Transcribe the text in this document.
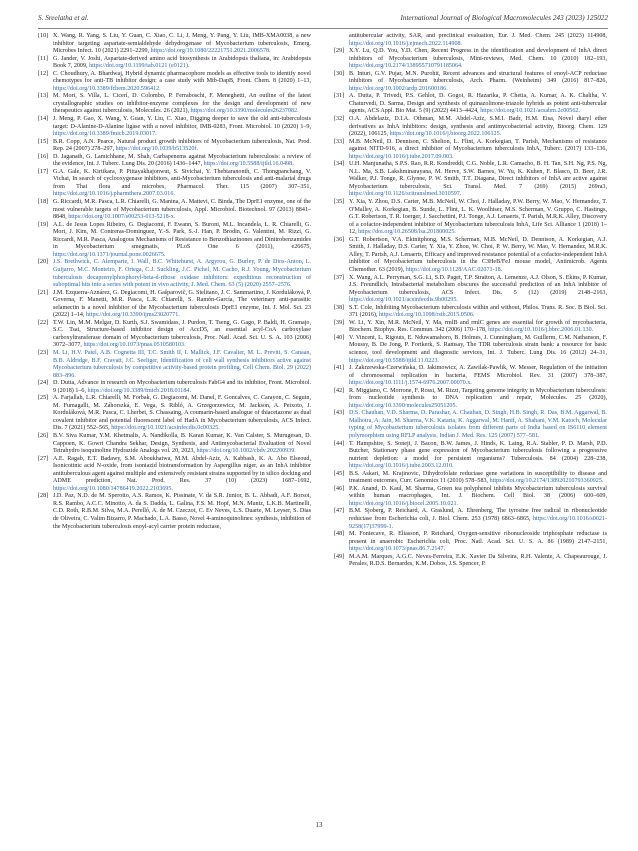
S. Sreelatha et al.	International Journal of Biological Macromolecules 243 (2023) 125022
[10] X. Wang, R. Yang, S. Liu, Y. Guan, C. Xiao, C. Li, J. Meng, Y. Pang, Y. Liu, IMB-XMA0038, a new inhibitor targeting aspartate-semialdehyde dehydrogenase of Mycobacterium tuberculosis, Emerg. Microbes Infect. 10 (2021) 2291–2299, https://doi.org/10.1080/22221751.2021.2006578.
[11] G. Jander, V. Joshi, Aspartate-derived amino acid biosynthesis in Arabidopsis thaliana, in: Arabidopsis Book 7, 2009, https://doi.org/10.1199/tab.0121 (e0121).
[12] C. Choudhury, A. Bhardwaj, Hybrid dynamic pharmacophore models as effective tools to identify novel chemotypes for anti-TB inhibitor design: a case study with Mtb-DapB, Front. Chem. 8 (2020) 1–13, https://doi.org/10.3389/fchem.2020.596412.
[13] M. Mori, S. Villa, L. Cicerí, D. Colombo, P. Ferraboschi, F. Meneghetti, An outline of the latest crystallographic studies on inhibitor-enzyme complexes for the design and development of new therapeutics against tuberculosis, Molecules. 26 (2021), https://doi.org/10.3390/molecules26237082.
[14] J. Meng, P. Gao, X. Wang, Y. Guan, Y. Liu, C. Xiao, Digging deeper to save the old anti-tuberculosis target: D-Alanine-D-Alanine ligase with a novel inhibitor, IMB-0283, Front. Microbiol. 10 (2020) 1–9, https://doi.org/10.3389/fmicb.2019.03017.
[15] B.R. Copp, A.N. Pearce, Natural product growth inhibitors of Mycobacterium tuberculosis, Nat. Prod. Rep. 24 (2007) 278–297, https://doi.org/10.1039/b513520f.
[16] D. Jaganath, G. Lamichhane, M. Shah, Carbapenems against Mycobacterium tuberculosis: a review of the evidence, Int. J. Tuberc. Lung Dis. 20 (2016) 1436–1447, https://doi.org/10.5588/ijtld.16.0498.
[17] G.A. Gale, K. Kirtikara, P. Pittayakhajonwut, S. Sivichai, Y. Thebtaranonth, C. Thongpanchang, V. Vichai, In search of cyclooxygenase inhibitors, anti-Mycobacterium tuberculosis and anti-malarial drugs from Thai flora and microbes, Pharmacol. Ther. 115 (2007) 307–351, https://doi.org/10.1016/j.pharmthera.2007.03.016.
[18] G. Riccardi, M.R. Pasca, L.R. Chiarelli, G. Manina, A. Mattevi, C. Binda, The DprE1 enzyme, one of the most vulnerable targets of Mycobacterium tuberculosis, Appl. Microbiol. Biotechnol. 97 (2013) 8841–8848, https://doi.org/10.1007/s00253-013-5218-x.
[19] A.L. de Jesus Lopes Ribeiro, G. Degiacomi, F. Ewann, S. Buroni, M.L. Incandela, L. R. Chiarelli, G. Mori, J. Kim, M. Contreras-Dominguez, Y.-S. Park, S.-J. Han, P. Brodin, G. Valentini, M. Rizzi, G. Riccardi, M.R. Pasca, Analogous Mechanisms of Resistance to Benzothiazinones and Dinitrobenzamides in Mycobacterium smegmatis, PLoS One 6 (2011), e26675, https://doi.org/10.1371/journal.pone.0026675.
[20] J.S. Brethwick, C. Alemparte, I. Wall, B.C. Whitehurst, A. Argyrou, G. Burley, P. de Dios-Anton, L. Guijarro, M.C. Monteiro, F. Ortega, C.J. Suckling, J.C. Pichel, M. Cacho, R.J. Young, Mycobacterium tuberculosis decaprenylphosphoryl-beta-d-ribose oxidase inhibitors: expeditious reconstruction of suboptimal hits into a series with potent in vivo activity, J. Med. Chem. 63 (5) (2020) 2557–2576.
[21] J.M. Ezquerra-Aznárez, G. Degiacomi, H. Gašparovič, G. Stelitano, J. C. Sammartino, J. Korduláková, P. Governa, F. Manetti, M.R. Pasca, L.R. Chiarelli, S. Ramón-García, The veterinary anti-parasitic selamectin is a novel inhibitor of the Mycobacterium tuberculosis DprE1 enzyme, Int. J. Mol. Sci. 23 (2022) 1–14, https://doi.org/10.3390/ijms23020771.
[22] T.W. Lin, M.M. Melgar, D. Kurth, S.J. Swamidass, J. Purdon, T. Tseng, G. Gago, P. Baldi, H. Gramajo, S.C. Tsai, Structure-based inhibitor design of AccD5, an essential acyl-CoA carboxylase carboxyltransferase domain of Mycobacterium tuberculosis, Proc. Natl. Acad. Sci. U. S. A. 103 (2006) 3072–3077, https://doi.org/10.1073/pnas.0510580103.
[23] M. Li, H.V. Patel, A.B. Cognetta III, T.C. Smith II, I. Mallick, J.F. Cavalier, M. L. Previti, S. Canaan, B.B. Aldridge, B.F. Cravatt, J.C. Seeliger, Identification of cell wall synthesis inhibitors active against Mycobacterium tuberculosis by competitive activity-based protein profiling, Cell Chem. Biol. 29 (2022) 883–896.
[24] D. Dutta, Advance in research on Mycobacterium tuberculosis FabG4 and its inhibitor, Front. Microbiol. 9 (2018) 1–6, https://doi.org/10.3389/fmicb.2018.01184.
[25] A. Farjallah, L.R. Chiarelli, M. Forbak, G. Degiacomi, M. Danel, F. Goncalves, C. Carayon, C. Seguin, M. Fumagalli, M. Záhorszká, E. Vega, S. Ribló, A. Grzegorzewicz, M. Jackson, A. Peixoto, J. Korduláková, M.R. Pasca, C. Lherbet, S. Chassaing, A coumarin-based analogue of thiacetazone as dual covalent inhibitor and potential fluorescent label of HadA in Mycobacterium tuberculosis, ACS Infect. Dis. 7 (2021) 552–565, https://doi.org/10.1021/acsinfecdis.0c00325.
[26] B.V. Siva Kumar, Y.M. Khetmalis, A. Nandikolla, B. Karan Kumar, K. Van Calster, S. Murugesan, D. Cappoen, K. Gowri Chandra Sekhar, Design, Synthesis, and Antimycobacterial Evaluation of Novel Tetrahydro isoquinoline Hydrazide Analogs vol. 20, 2023, https://doi.org/10.1002/cbdv.202200939.
[27] A.E. Ragab, E.T. Badawy, S.M. Aboukhatwa, M.M. Abdel-Aziz, A. Kabbash, K. A. Abo Elseoud, Isonicotinic acid N-oxide, from isoniazid biotransformation by Aspergillus niger, as an InhA inhibitor antituberculous agent against multiple and extensively resistant strains supported by in silico docking and ADME prediction, Nat. Prod. Res. 37 (10) (2023) 1687–1692, https://doi.org/10.1080/14786419.2022.2103695.
[28] J.D. Paz, N.D. de M. Sperotto, A.S. Ramos, K. Pissinate, V. da S.R. Junior, B. L. Abbadi, A.F. Borsoi, R.S. Rambo, A.C.C. Minotto, A. da S. Dadda, L. Galina, F.S. M. Hopf, M.N. Muniz, L.K.B. Martinelli, C.D. Roth, R.B.M. Silva, M.A. Perelló, A. de M. Czeczot, C. Ev Neves, L.S. Duarte, M. Leyser, S. Dias de Oliveira, C. Valim Bizarro, P. Machado, L.A. Basso, Novel 4-aminoquinolines: synthesis, inhibition of the Mycobacterium tuberculosis enoyl-acyl carrier protein reductase,
antitubercular activity, SAR, and preclinical evaluation, Eur. J. Med. Chem. 245 (2023) 114908, https://doi.org/10.1016/j.ejmech.2022.114908.
[29] X.Y. Lu, Q.D. You, Y.D. Chen, Recent Progress in the identification and development of InhA direct inhibitors of Mycobacterium tuberculosis, Mini-reviews, Med. Chem. 10 (2010) 182–193, https://doi.org/10.2174/138955710791185064.
[30] B. Inturi, G.V. Pujar, M.N. Purohit, Recent advances and structural features of enoyl-ACP reductase inhibitors of Mycobacterium tuberculosis, Arch. Pharm. (Weinheim) 349 (2016) 817–826, https://doi.org/10.1002/ardp.201600186.
[31] A. Dutta, P. Trivedi, P.S. Gehlot, D. Gogoi, R. Hazarika, P. Chetia, A. Kumar, A. K. Chaliha, V. Chaturvedi, D. Sarma, Design and synthesis of quinazolinone-triazole hybrids as potent anti-tubercular agents, ACS Appl. Bio Mat. 5 (9) (2022) 4413–4424, https://doi.org/10.1021/acsabm.2c00562.
[32] O.A. Abdelaziz, D.I.A. Othman, M.M. Abdel-Aziz, S.M.I. Badr, H.M. Eisa, Novel diaryl ether derivatives as InhA inhibitors: design, synthesis and antimycobacterial activity, Bioorg. Chem. 129 (2022), 106125, https://doi.org/10.1016/j.bioorg.2022.106125.
[33] M.B. McNeil, D. Dennison, C. Shelton, L. Flint, A. Korkegian, T. Parish, Mechanisms of resistance against NITD-916, a direct inhibitor of Mycobacterium tuberculosis InhA, Tuberc. (2017) 133–136, https://doi.org/10.1016/j.tube.2017.09.003.
[34] U.H. Manjunatha, S.P.S. Rao, R.R. Kondreddi, C.G. Noble, L.R. Camacho, B. H. Tan, S.H. Ng, P.S. Ng, N.L. Ma, S.B. Lakshminarayana, M. Herve, S.W. Barnes, W. Yu, K. Kuhen, F. Blasco, D. Beer, J.R. Walker, P.J. Tonge, R. Glynne, P. W. Smith, T.T. Diagana, Direct inhibitors of InhA are active against Mycobacterium tuberculosis, Sci. Transl. Med. 7 (269) (2015) 269ra3, https://doi.org/10.1126/scitranslmed.3010597.
[35] Y. Xia, Y. Zhou, D.S. Carter, M.B. McNeil, W. Choi, J. Halladay, P.W. Berry, W. Mao, V. Hernandez, T. O'Malley, A. Korkegian, B. Sunde, L. Flint, L. K. Woolhiser, M.S. Scherman, V. Gruppo, C. Hastings, G.T. Robertson, T. R. Ioerger, J. Sacchettini, P.J. Tonge, A.J. Lenaerts, T. Parish, M.R.K. Alley, Discovery of a cofactor-independent inhibitor of Mycobacterium tuberculosis InhA, Life Sci. Alliance 1 (2018) 1–12, https://doi.org/10.26508/lsa.201800025.
[36] G.T. Robertson, V.A. Ektnitphong, M.S. Scherman, M.B. McNeil, D. Dennison, A. Korkegian, A.J. Smith, J. Halladay, D.S. Carter, Y. Xia, Y. Zhou, W. Choi, P. W. Berry, W. Mao, V. Hernandez, M.R.K. Alley, T. Parish, A.J. Lenaerts, Efficacy and improved resistance potential of a cofactor-independent InhA inhibitor of Mycobacterium tuberculosis in the C3HeB/FeJ mouse model, Antimicrob. Agents Chemother. 63 (2019), https://doi.org/10.1128/AAC.02071-18.
[37] X. Wang, A.L. Perryman, S.G. Li, S.D. Paget, T.P. Stratton, A. Lemenze, A.J. Olson, S. Ekins, P. Kumar, J.S. Freundlich, Intrabacterial metabolism obscures the successful prediction of an InhA inhibitor of Mycobacterium tuberculosis, ACS Infect. Dis. 5 (12) (2019) 2148–2163, https://doi.org/10.1021/acsinfecdis.9b00295.
[38] S.T. Cole, Inhibiting Mycobacterium tuberculosis within and without, Philos. Trans. R. Soc. B Biol. Sci. 371 (2016), https://doi.org/10.1098/rstb.2015.0506.
[39] W. Li, Y. Xin, M.R. McNeil, Y. Ma, rmlB and rmlC genes are essential for growth of mycobacteria, Biochem. Biophys. Res. Commun. 342 (2006) 170–178, https://doi.org/10.1016/j.bbrc.2006.01.130.
[40] V. Vincent, L. Rigouts, E. Nduwamahoro, B. Holmes, J. Cunningham, M. Guillerm, C.M. Nathanson, F. Moussy, B. De Jong, P. Fortkerk, S. Ramsay, The TDR tuberculosis strain bank: a resource for basic science, tool development and diagnostic services, Int. J. Tuberc. Lung Dis. 16 (2012) 24–31, https://doi.org/10.5588/ijtld.11.0223.
[41] J. Zakrzewska-Czerwińska, D. Jakimowicz, A. Zawilak-Pawlik, W. Messer, Regulation of the initiation of chromosomal replication in bacteria, FEMS Microbiol. Rev. 31 (2007) 378–387, https://doi.org/10.1111/j.1574-6976.2007.00070.x.
[42] R. Miggiano, C. Morrone, F. Rossi, M. Rizzi, Targeting genome integrity in Mycobacterium tuberculosis: from nucleotide synthesis to DNA replication and repair, Molecules. 25 (2020), https://doi.org/10.3390/molecules25051205.
[43] D.S. Chauhan, V.D. Sharma, D. Parashar, A. Chauhan, D. Singh, H.B. Singh, R. Das, B.M. Aggarwal, B. Malhotra, A. Jain, M. Sharma, V.K. Kataria, K. Aggarwal, M. Hanif, A. Shahani, V.M. Katoch, Molecular typing of Mycobacterium tuberculosis isolates from different parts of India based on IS6110 element polymorphism using RFLP analysis, Indian J. Med. Res. 125 (2007) 577–581.
[44] T. Hampshire, S. Soneji, J. Bacon, B.W. James, J. Hinds, K. Laing, R.A. Stabler, P. D. Marsh, P.D. Butcher, Stationary phase gene expression of Mycobacterium tuberculosis following a progressive nutrient depletion: a model for persistent organisms? Tuberculosis. 84 (2004) 228–238, https://doi.org/10.1016/j.tube.2003.12.010.
[45] B.S. Askari, M. Krajinovic, Dihydrofolate reductase gene variations in susceptibility to disease and treatment outcomes, Curr. Genomics 11 (2010) 578–583, https://doi.org/10.2174/138920210793360925.
[46] P.K. Anand, D. Kaul, M. Sharma, Green tea polyphenol inhibits Mycobacterium tuberculosis survival within human macrophages, Int. J. Biochem. Cell Biol. 38 (2006) 600–609, https://doi.org/10.1016/j.biocel.2005.10.021.
[47] B.M. Sjoberg, P. Reichard, A. Graslund, A. Ehrenberg, The tyrosine free radical in ribonucleotide reductase from Escherichia coli, J. Biol. Chem. 253 (1978) 6863–6865, https://doi.org/10.1016/s0021-9258(17)37999-1.
[48] M. Fontecave, R. Eliasson, P. Reichard, Oxygen-sensitive ribonucleoside triphosphate reductase is present in anaerobic Escherichia coli, Proc. Natl. Acad. Sci. U. S. A. 86 (1989) 2147–2151, https://doi.org/10.1073/pnas.86.7.2147.
[49] M.A.M. Marques, A.G.C. Neves-Ferreira, E.K. Xavier Da Silveira, R.H. Valente, A. Chapeaurouge, J. Perales, R.D.S. Bernardes, K.M. Dobos, J.S. Spencer, P.
13
